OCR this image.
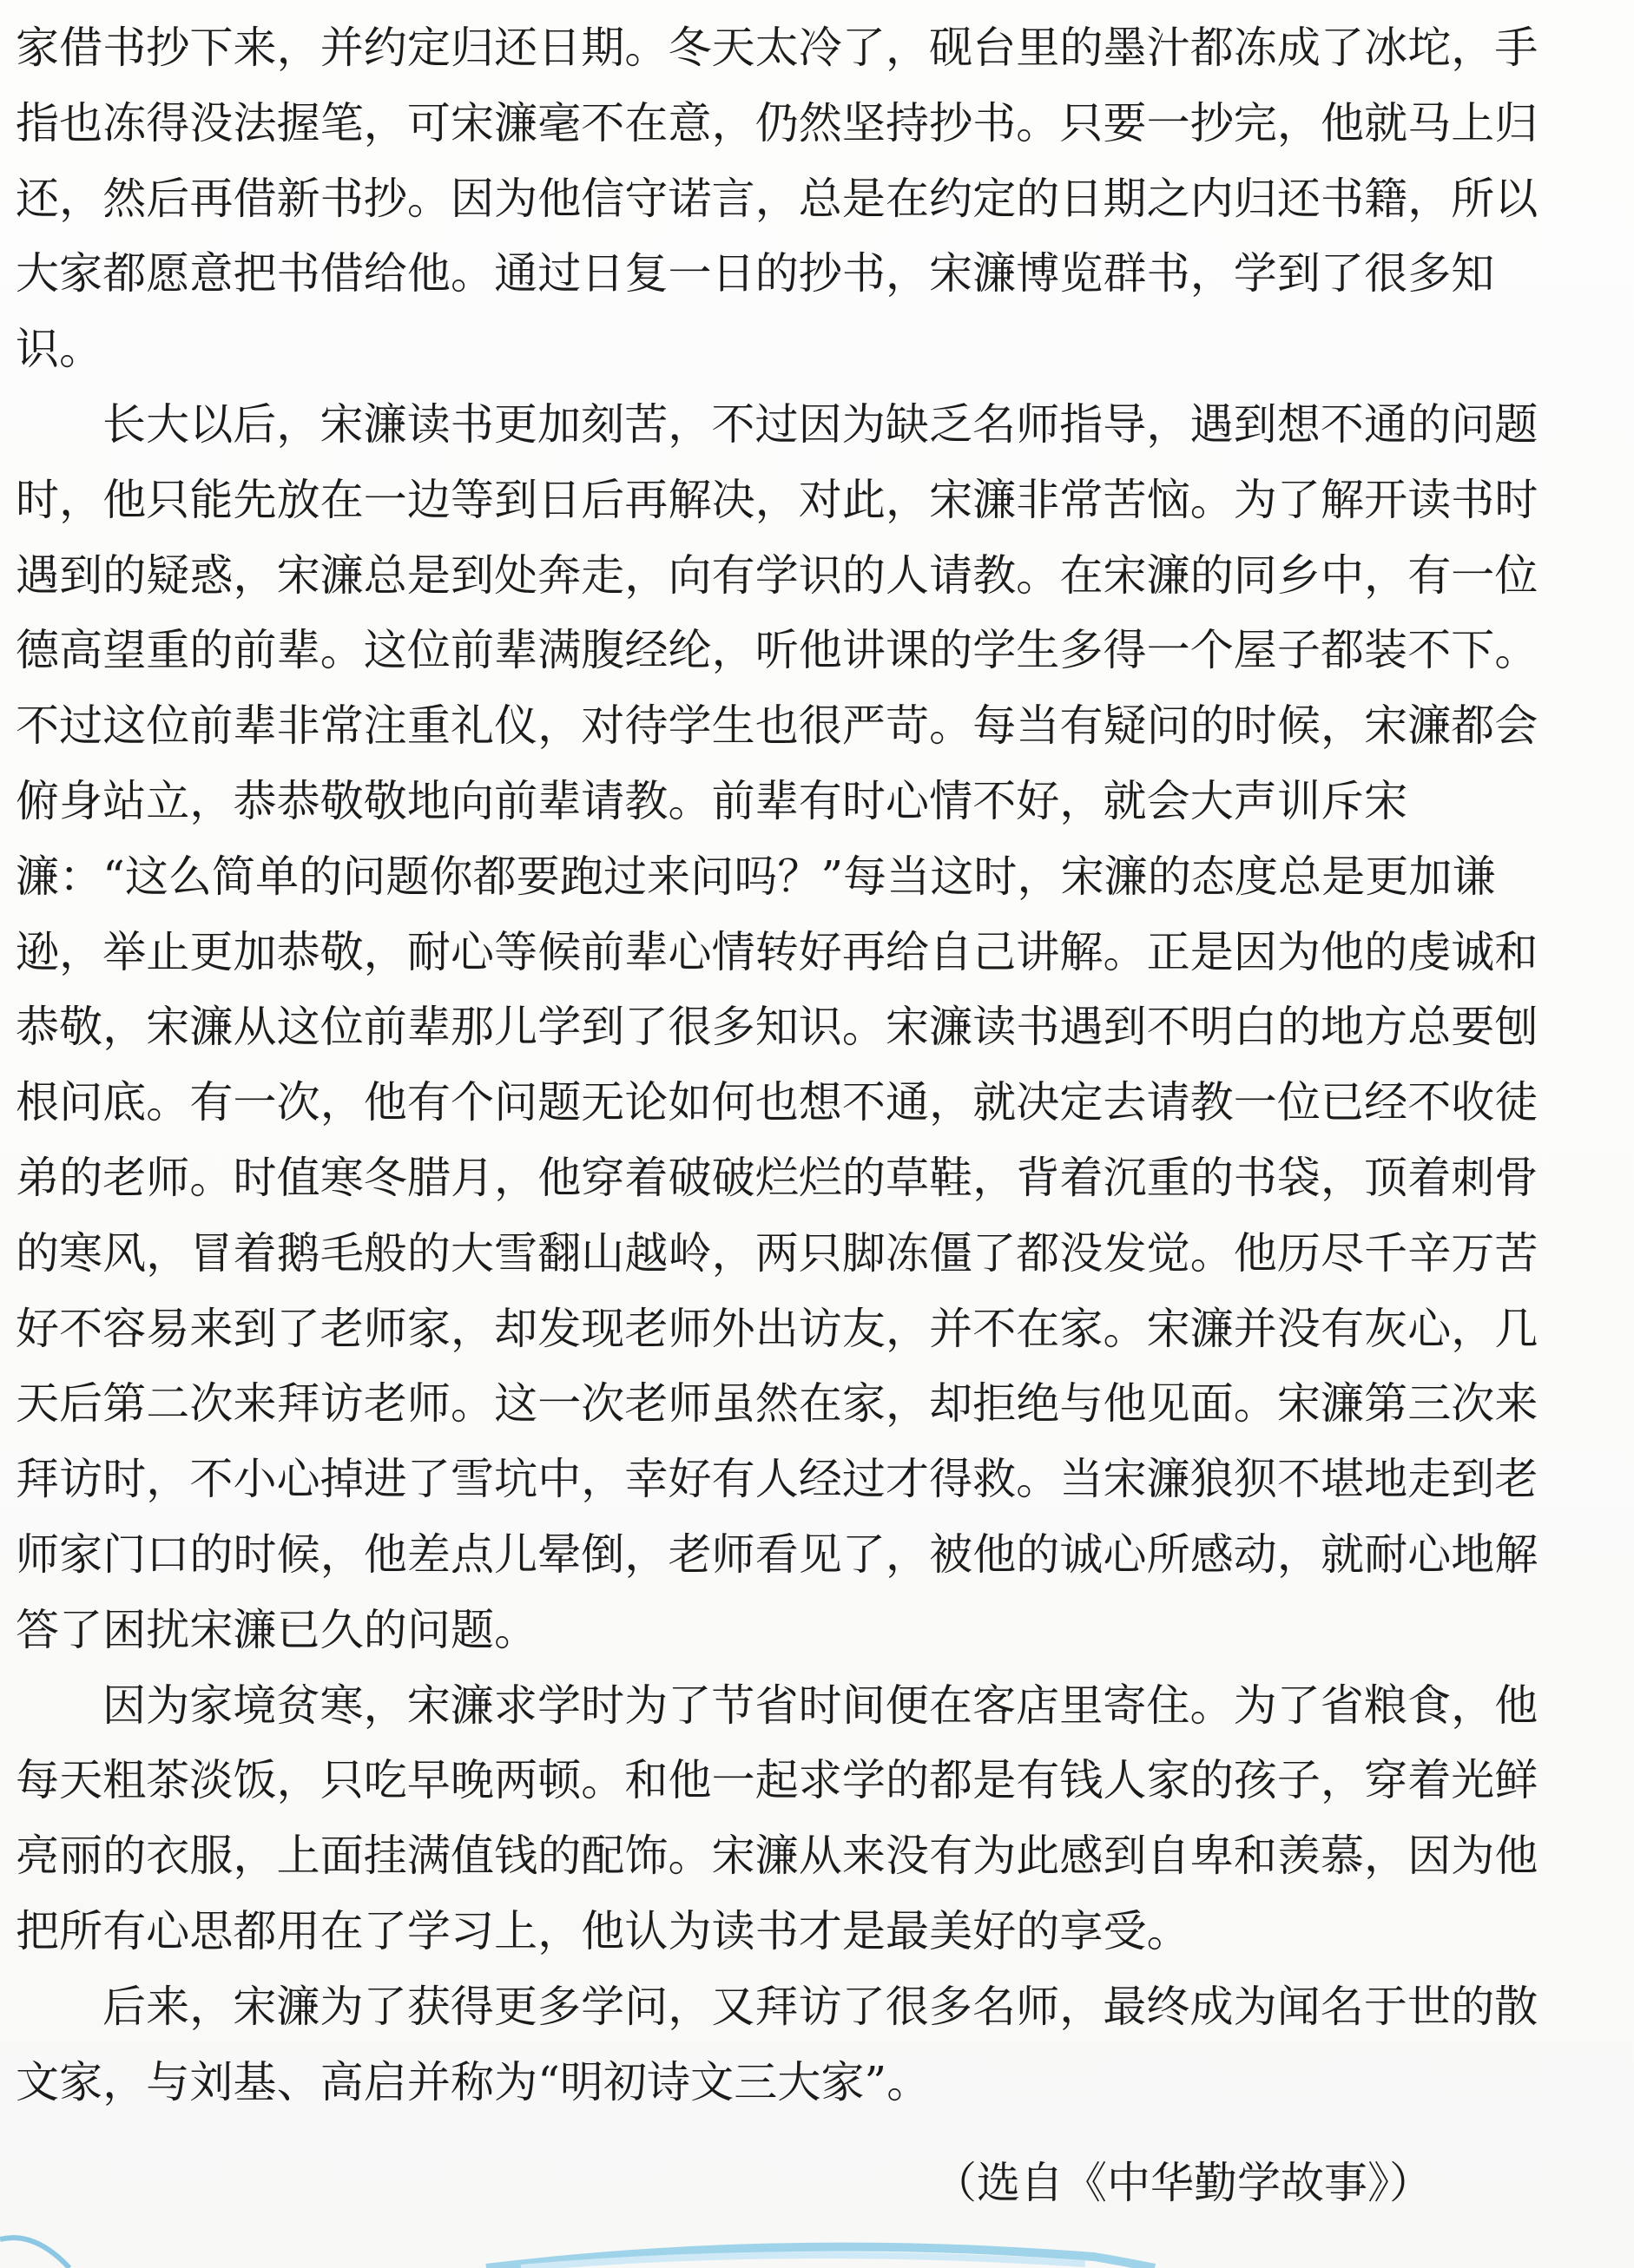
家借书抄下来，并约定归还日期。冬天太冷了，砚台里的墨汁都冻成了冰坨，手指也冻得没法握笔，可宋濂毫不在意，仍然坚持抄书。只要一抄完，他就马上归还，然后再借新书抄。因为他信守诺言，总是在约定的日期之内归还书籍，所以大家都愿意把书借给他。通过日复一日的抄书，宋濂博览群书，学到了很多知识。

长大以后，宋濂读书更加刻苦，不过因为缺乏名师指导，遇到想不通的问题时，他只能先放在一边等到日后再解决，对此，宋濂非常苦恼。为了解开读书时遇到的疑惑，宋濂总是到处奔走，向有学识的人请教。在宋濂的同乡中，有一位德高望重的前辈。这位前辈满腹经纶，听他讲课的学生多得一个屋子都装不下。不过这位前辈非常注重礼仪，对待学生也很严苛。每当有疑问的时候，宋濂都会俯身站立，恭恭敬敬地向前辈请教。前辈有时心情不好，就会大声训斥宋濂：“这么简单的问题你都要跑过来问吗？”每当这时，宋濂的态度总是更加谦逊，举止更加恭敬，耐心等候前辈心情转好再给自己讲解。正是因为他的虔诚和恭敬，宋濂从这位前辈那儿学到了很多知识。宋濂读书遇到不明白的地方总要刨根问底。有一次，他有个问题无论如何也想不通，就决定去请教一位已经不收徒弟的老师。时值寒冬腊月，他穿着破破烂烂的草鞋，背着沉重的书袋，顶着刺骨的寒风，冒着鹅毛般的大雪翻山越岭，两只脚冻僵了都没发觉。他历尽千辛万苦好不容易来到了老师家，却发现老师外出访友，并不在家。宋濂并没有灰心，几天后第二次来拜访老师。这一次老师虽然在家，却拒绝与他见面。宋濂第三次来拜访时，不小心掉进了雪坑中，幸好有人经过才得救。当宋濂狼狈不堪地走到老师家门口的时候，他差点儿晕倒，老师看见了，被他的诚心所感动，就耐心地解答了困扰宋濂已久的问题。

因为家境贫寒，宋濂求学时为了节省时间便在客店里寄住。为了省粮食，他每天粗茶淡饭，只吃早晚两顿。和他一起求学的都是有钱人家的孩子，穿着光鲜亮丽的衣服，上面挂满值钱的配饰。宋濂从来没有为此感到自卑和羡慕，因为他把所有心思都用在了学习上，他认为读书才是最美好的享受。

后来，宋濂为了获得更多学问，又拜访了很多名师，最终成为闻名于世的散文家，与刘基、高启并称为“明初诗文三大家”。

（选自《中华勤学故事》）
